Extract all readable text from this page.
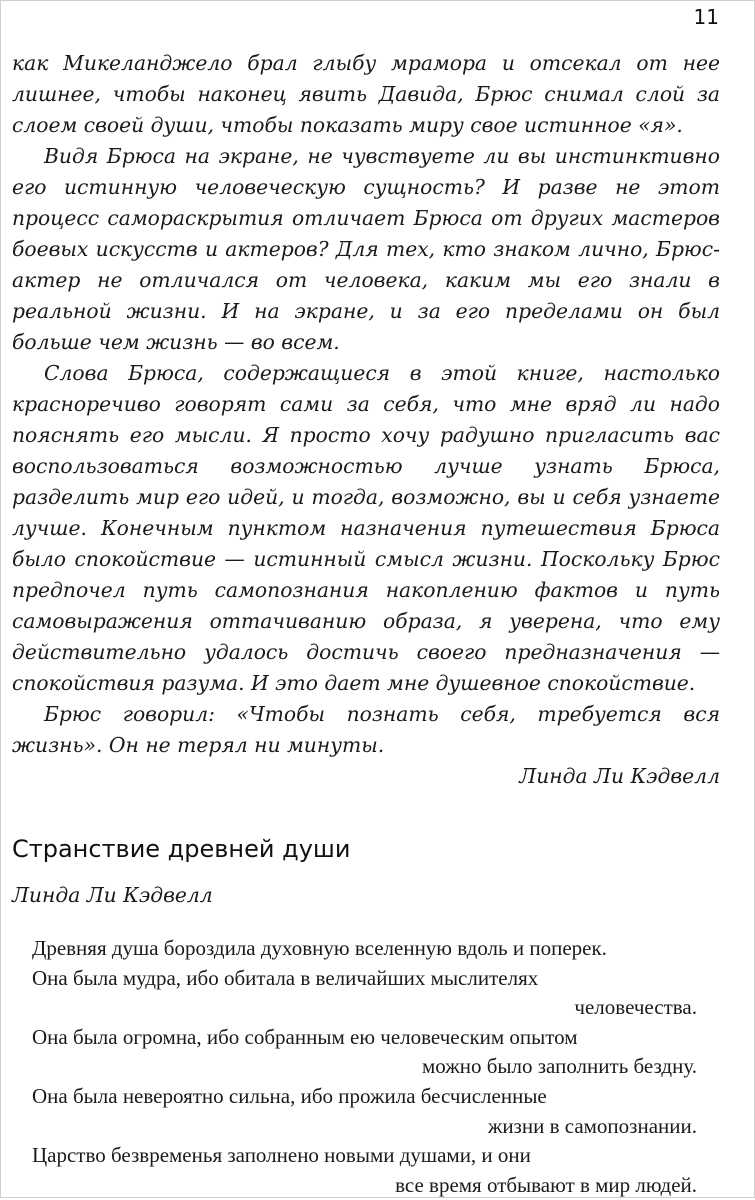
11

как Микеланджело брал глыбу мрамора и отсекал от нее лишнее, чтобы наконец явить Давида, Брюс снимал слой за слоем своей души, чтобы показать миру свое истинное «я».

Видя Брюса на экране, не чувствуете ли вы инстинктивно его истинную человеческую сущность? И разве не этот процесс самораскрытия отличает Брюса от других мастеров боевых искусств и актеров? Для тех, кто знаком лично, Брюс-актер не отличался от человека, каким мы его знали в реальной жизни. И на экране, и за его пределами он был больше чем жизнь — во всем.

Слова Брюса, содержащиеся в этой книге, настолько красноречиво говорят сами за себя, что мне вряд ли надо пояснять его мысли. Я просто хочу радушно пригласить вас воспользоваться возможностью лучше узнать Брюса, разделить мир его идей, и тогда, возможно, вы и себя узнаете лучше. Конечным пунктом назначения путешествия Брюса было спокойствие — истинный смысл жизни. Поскольку Брюс предпочел путь самопознания накоплению фактов и путь самовыражения оттачиванию образа, я уверена, что ему действительно удалось достичь своего предназначения — спокойствия разума. И это дает мне душевное спокойствие.

Брюс говорил: «Чтобы познать себя, требуется вся жизнь». Он не терял ни минуты.

Линда Ли Кэдвелл

Странствие древней души
Линда Ли Кэдвелл
Древняя душа бороздила духовную вселенную вдоль и поперек.
Она была мудра, ибо обитала в величайших мыслителях
человечества.
Она была огромна, ибо собранным ею человеческим опытом
можно было заполнить бездну.
Она была невероятно сильна, ибо прожила бесчисленные
жизни в самопознании.
Царство безвременья заполнено новыми душами, и они
все время отбывают в мир людей.
